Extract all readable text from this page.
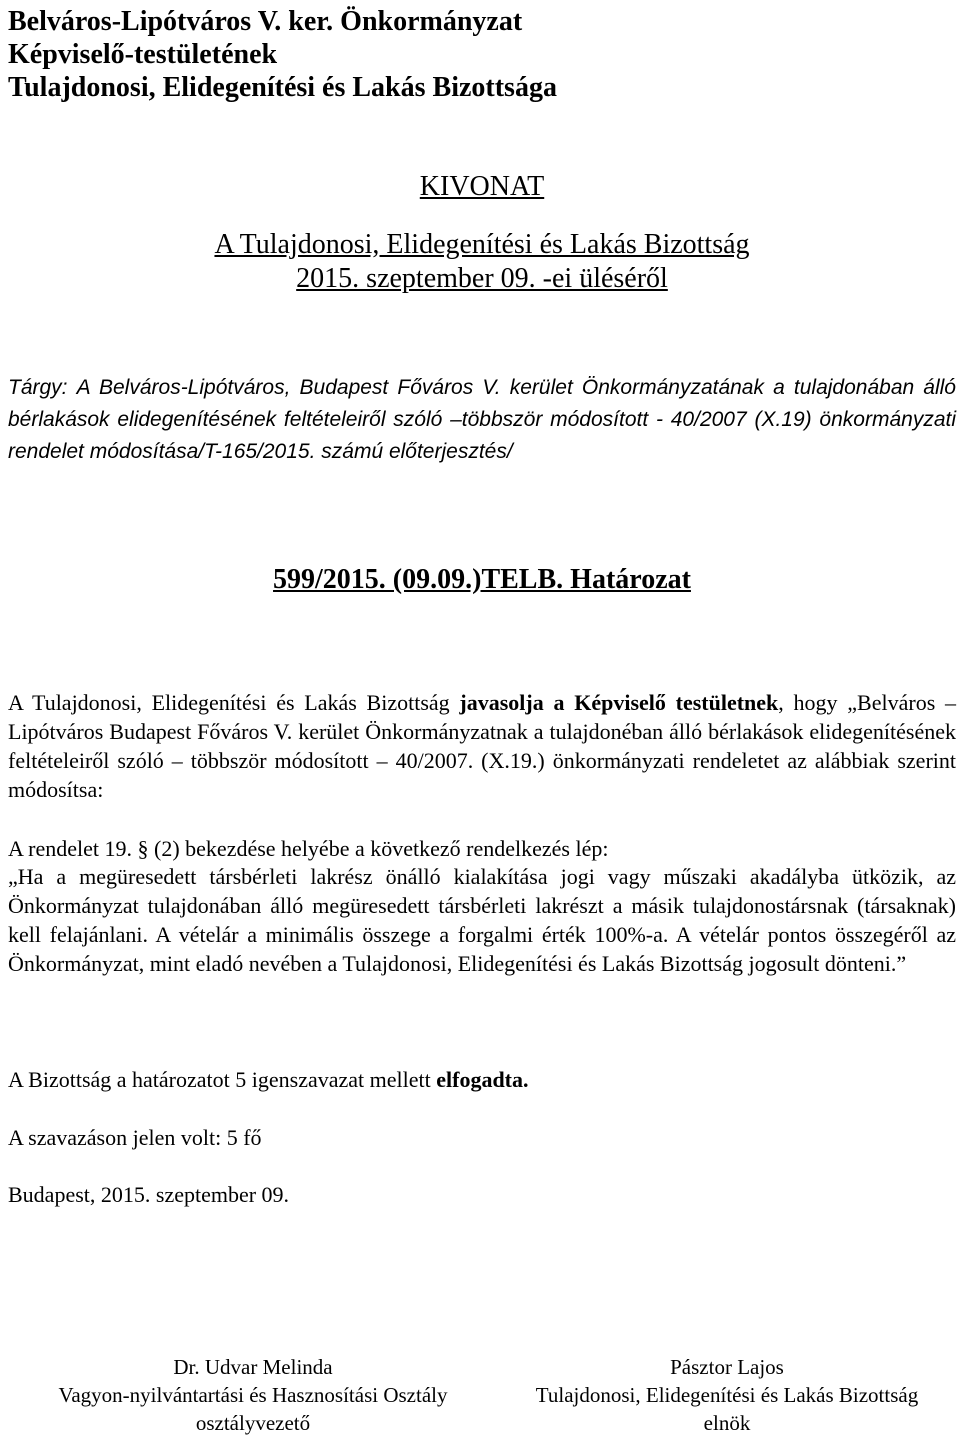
Belváros-Lipótváros V. ker. Önkormányzat
Képviselő-testületének
Tulajdonosi, Elidegenítési és Lakás Bizottsága
KIVONAT
A Tulajdonosi, Elidegenítési és Lakás Bizottság
2015. szeptember 09. -ei üléséről
Tárgy: A Belváros-Lipótváros, Budapest Főváros V. kerület Önkormányzatának a tulajdonában álló bérlakások elidegenítésének feltételeiről szóló –többször módosított - 40/2007 (X.19) önkormányzati rendelet módosítása/T-165/2015. számú előterjesztés/
599/2015. (09.09.)TELB. Határozat
A Tulajdonosi, Elidegenítési és Lakás Bizottság javasolja a Képviselő testületnek, hogy „Belváros – Lipótváros Budapest Főváros V. kerület Önkormányzatnak a tulajdonéban álló bérlakások elidegenítésének feltételeiről szóló – többször módosított – 40/2007. (X.19.) önkormányzati rendeletet az alábbiak szerint módosítsa:
A rendelet 19. § (2) bekezdése helyébe a következő rendelkezés lép:
„Ha a megüresedett társbérleti lakrész önálló kialakítása jogi vagy műszaki akadályba ütközik, az Önkormányzat tulajdonában álló megüresedett társbérleti lakrészt a másik tulajdonostársnak (társaknak) kell felajánlani. A vételár a minimális összege a forgalmi érték 100%-a. A vételár pontos összegéről az Önkormányzat, mint eladó nevében a Tulajdonosi, Elidegenítési és Lakás Bizottság jogosult dönteni.”
A Bizottság a határozatot 5 igenszavazat mellett elfogadta.
A szavazáson jelen volt: 5 fő
Budapest, 2015. szeptember 09.
Dr. Udvar Melinda
Vagyon-nyilvántartási és Hasznosítási Osztály
osztályvezető
Pásztor Lajos
Tulajdonosi, Elidegenítési és Lakás Bizottság
elnök
